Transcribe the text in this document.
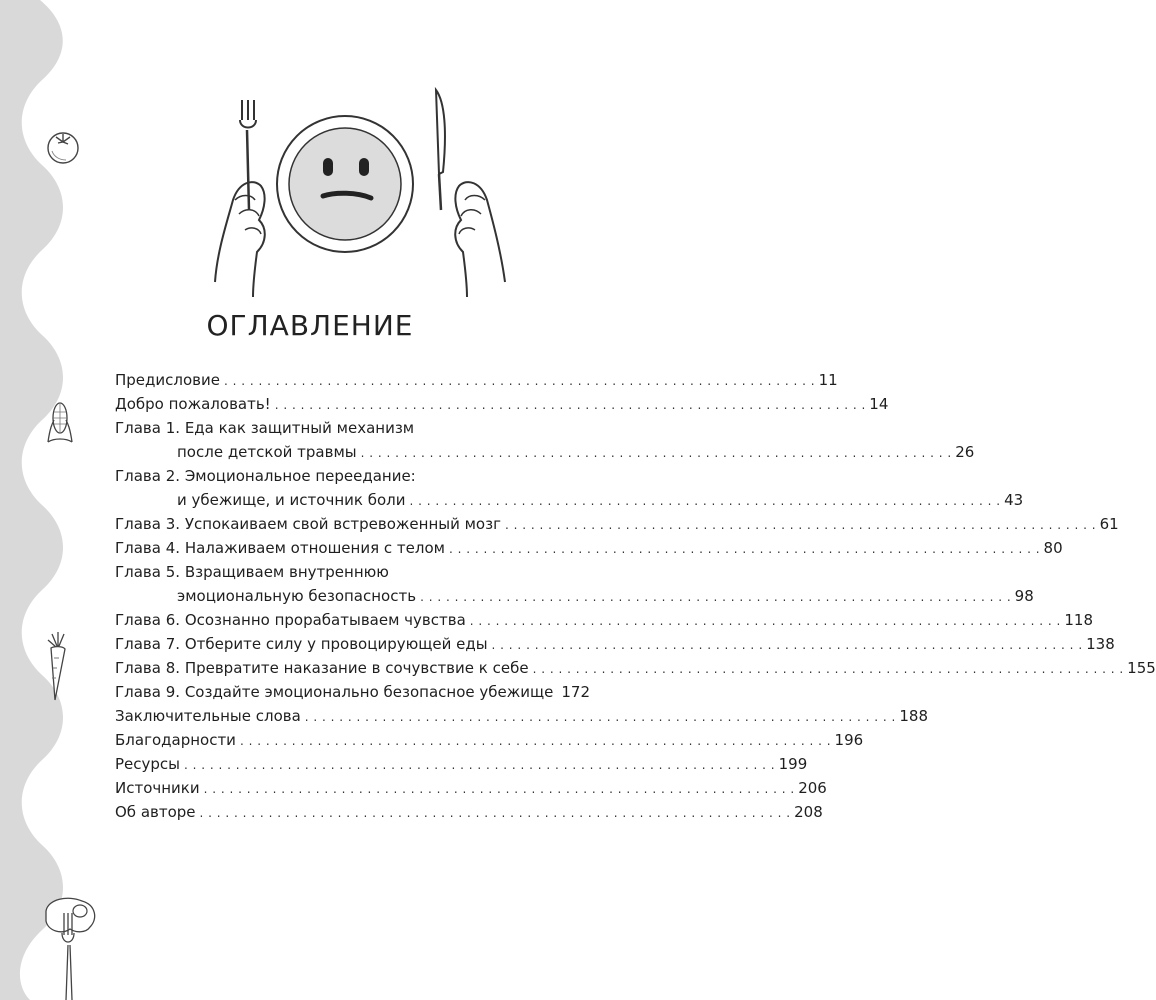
ОГЛАВЛЕНИЕ
Предисловие . . .	11
Добро пожаловать! . . .	14
Глава 1. Еда как защитный механизм
после детской травмы . . .	26
Глава 2. Эмоциональное переедание:
и убежище, и источник боли . . .	43
Глава 3. Успокаиваем свой встревоженный мозг . . .	61
Глава 4. Налаживаем отношения с телом . . .	80
Глава 5. Взращиваем внутреннюю
эмоциональную безопасность . . .	98
Глава 6. Осознанно прорабатываем чувства . . .	118
Глава 7. Отберите силу у провоцирующей еды . . .	138
Глава 8. Превратите наказание в сочувствие к себе . . .	155
Глава 9. Создайте эмоционально безопасное убежище 172
Заключительные слова . . .	188
Благодарности . . .	196
Ресурсы . . .	199
Источники . . .	206
Об авторе . . .	208
